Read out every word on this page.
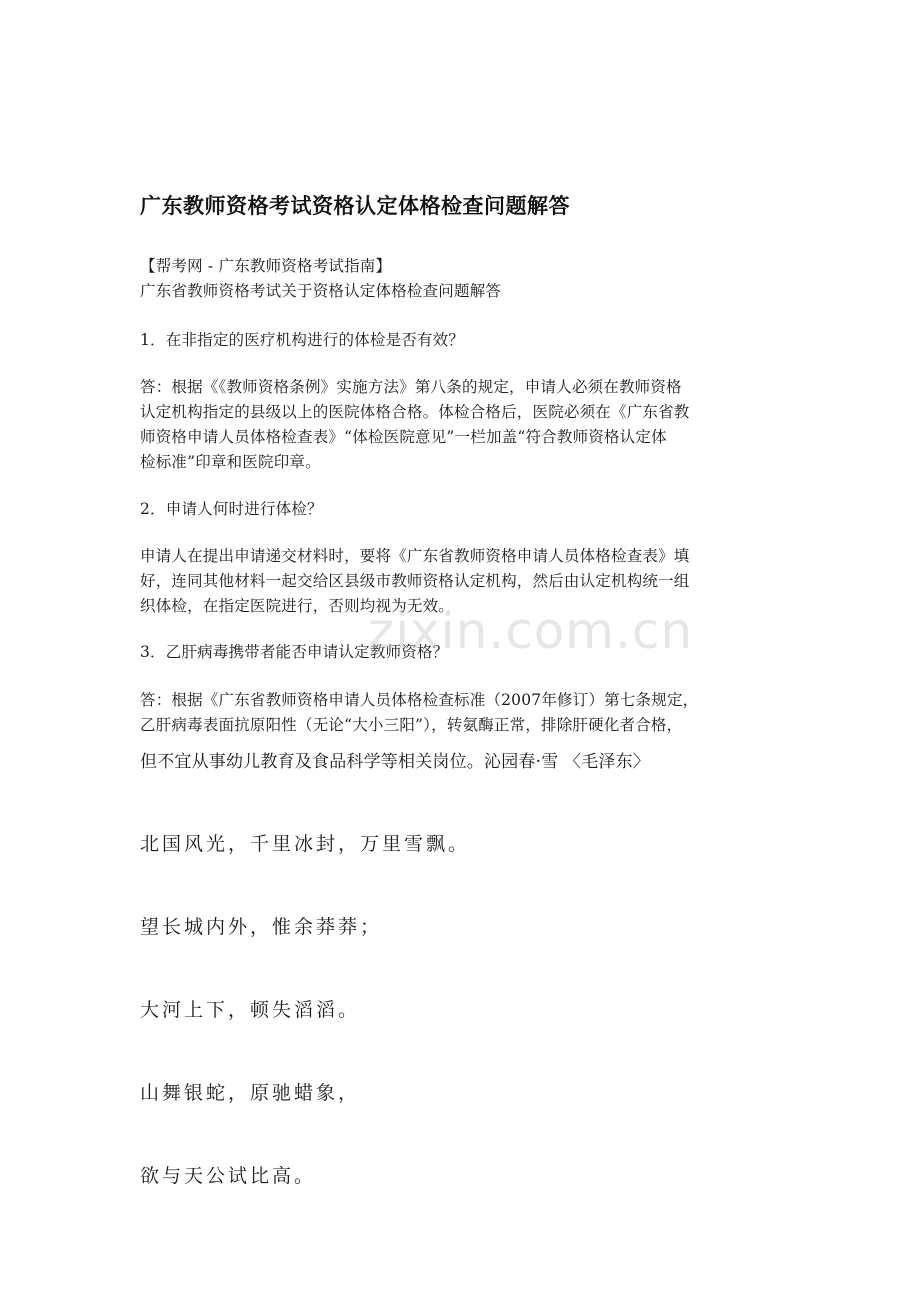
广东教师资格考试资格认定体格检查问题解答
【帮考网 - 广东教师资格考试指南】
广东省教师资格考试关于资格认定体格检查问题解答
1．在非指定的医疗机构进行的体检是否有效？
答：根据《《教师资格条例》实施方法》第八条的规定，申请人必须在教师资格
认定机构指定的县级以上的医院体格合格。体检合格后，医院必须在《广东省教
师资格申请人员体格检查表》“体检医院意见”一栏加盖“符合教师资格认定体
检标准”印章和医院印章。
2．申请人何时进行体检？
申请人在提出申请递交材料时，要将《广东省教师资格申请人员体格检查表》填
好，连同其他材料一起交给区县级市教师资格认定机构，然后由认定机构统一组
织体检，在指定医院进行，否则均视为无效。
3．乙肝病毒携带者能否申请认定教师资格？
答：根据《广东省教师资格申请人员体格检查标准（2007年修订）第七条规定，
乙肝病毒表面抗原阳性（无论“大小三阳”），转氨酶正常，排除肝硬化者合格，
但不宜从事幼儿教育及食品科学等相关岗位。沁园春·雪 〈毛泽东〉
北国风光，千里冰封，万里雪飘。
望长城内外，惟余莽莽；
大河上下，顿失滔滔。
山舞银蛇，原驰蜡象，
欲与天公试比高。
zixin.com.cn
